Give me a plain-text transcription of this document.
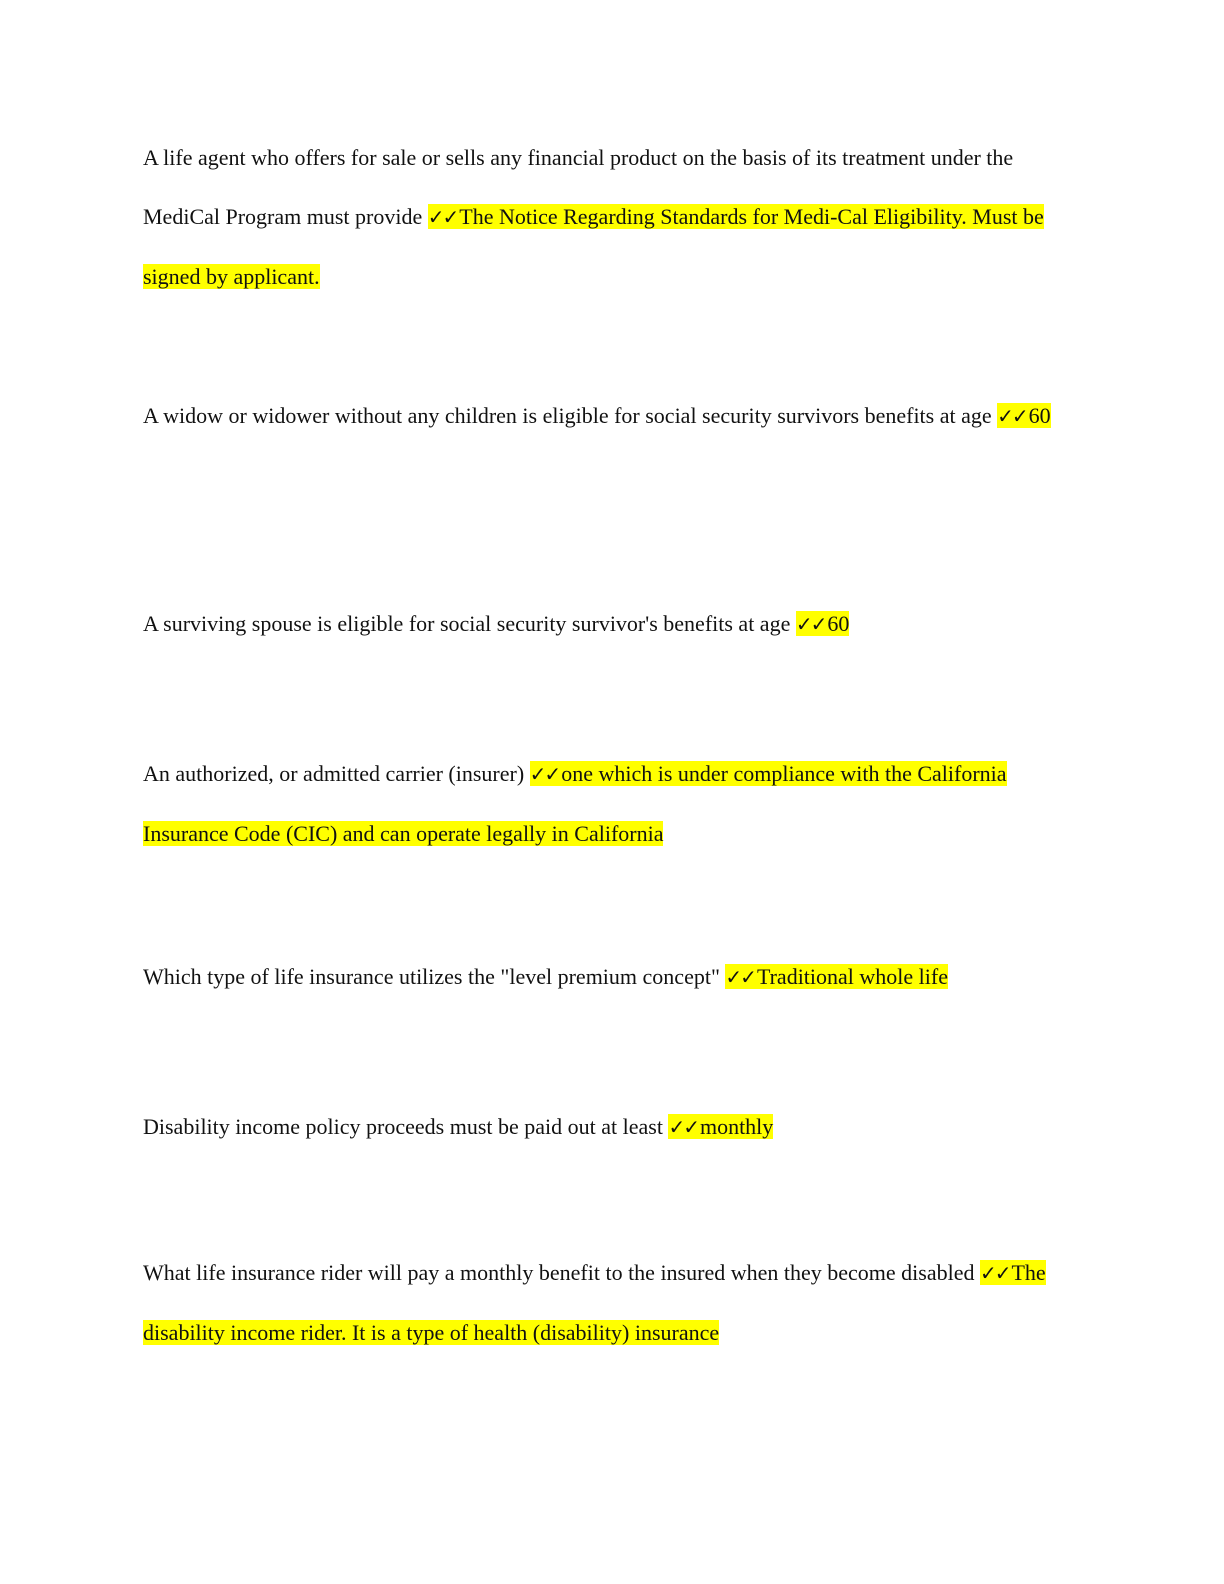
A life agent who offers for sale or sells any financial product on the basis of its treatment under the MediCal Program must provide ✓✓The Notice Regarding Standards for Medi-Cal Eligibility. Must be signed by applicant.

A widow or widower without any children is eligible for social security survivors benefits at age ✓✓60

A surviving spouse is eligible for social security survivor's benefits at age ✓✓60

An authorized, or admitted carrier (insurer) ✓✓one which is under compliance with the California Insurance Code (CIC) and can operate legally in California

Which type of life insurance utilizes the "level premium concept" ✓✓Traditional whole life

Disability income policy proceeds must be paid out at least ✓✓monthly

What life insurance rider will pay a monthly benefit to the insured when they become disabled ✓✓The disability income rider. It is a type of health (disability) insurance
